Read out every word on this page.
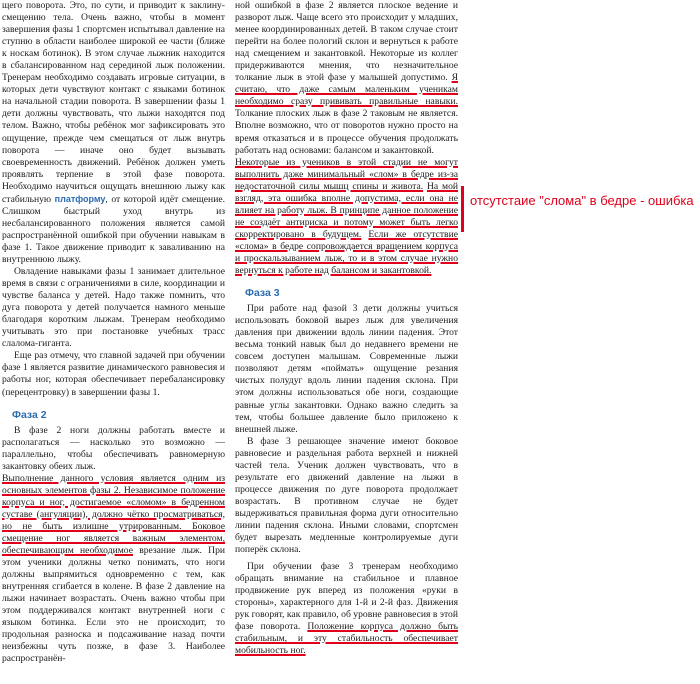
щего поворота. Это, по сути, и приводит к заклину-смещению тела. Очень важно, чтобы в момент завершения фазы 1 спортсмен испытывал давление на ступню в области наиболее широкой ее части (ближе к носкам ботинок). В этом случае лыжник находится в сбалансированном над серединой лыж положении. Тренерам необходимо создавать игровые ситуации, в которых дети чувствуют контакт с языками ботинок на начальной стадии поворота. В завершении фазы 1 дети должны чувствовать, что лыжи находятся под телом. Важно, чтобы ребёнок мог зафиксировать это ощущение, прежде чем смещаться от лыж внутрь поворота — иначе оно будет вызывать своевременность движений. Ребёнок должен уметь проявлять терпение в этой фазе поворота. Необходимо научиться ощущать внешнюю лыжу как стабильную платформу, от которой идёт смещение. Слишком быстрый уход внутрь из несбалансированного положения является самой распространённой ошибкой при обучении навыкам в фазе 1. Такое движение приводит к заваливанию на внутреннюю лыжу.

Овладение навыками фазы 1 занимает длительное время в связи с ограничениями в силе, координации и чувстве баланса у детей. Надо также помнить, что дуга поворота у детей получается намного меньше благодаря коротким лыжам. Тренерам необходимо учитывать это при постановке учебных трасс слалома-гиганта.

Еще раз отмечу, что главной задачей при обучении фазе 1 является развитие динамического равновесия и работы ног, которая обеспечивает перебалансировку (перецентровку) в завершении фазы 1.

Фаза 2

В фазе 2 ноги должны работать вместе и располагаться — насколько это возможно — параллельно, чтобы обеспечивать равномерную закантовку обеих лыж.

Выполнение данного условия является одним из основных элементов фазы 2. Независимое положение корпуса и ног, достигаемое «сломом» в бедренном суставе (ангуляции), должно чётко просматриваться, но не быть излишне утрированным. Боковое смещение ног является важным элементом, обеспечивающим необходимое врезание лыж. При этом ученики должны четко понимать, что ноги должны выпрямиться одновременно с тем, как внутренняя сгибается в колене. В фазе 2 давление на лыжи начинает возрастать. Очень важно чтобы при этом поддерживался контакт внутренней ноги с языком ботинка. Если это не происходит, то продольная разноска и подсаживание назад почти неизбежны чуть позже, в фазе 3. Наиболее распространён-

ной ошибкой в фазе 2 является плоское ведение и разворот лыж. Чаще всего это происходит у младших, менее координированных детей. В таком случае стоит перейти на более пологий склон и вернуться к работе над смещением и закантовкой. Некоторые из коллег придерживаются мнения, что незначительное толкание лыж в этой фазе у малышей допустимо. Я считаю, что даже самым маленьким ученикам необходимо сразу прививать правильные навыки. Толкание плоских лыж в фазе 2 таковым не является. Вполне возможно, что от поворотов нужно просто на время отказаться и в процессе обучения продолжать работать над основами: балансом и закантовкой.

Некоторые из учеников в этой стадии не могут выполнить даже минимальный «слом» в бедре из-за недостаточной силы мышц спины и живота. На мой взгляд, эта ошибка вполне допустима, если она не влияет на работу лыж. В принципе данное положение не создаёт антириска и потому может быть легко скорректировано в будущем. Если же отсутствие «слома» в бедре сопровождается вращением корпуса и проскальзыванием лыж, то и в этом случае нужно вернуться к работе над балансом и закантовкой.

Фаза 3

При работе над фазой 3 дети должны учиться использовать боковой вырез лыж для увеличения давления при движении вдоль линии падения. Этот весьма тонкий навык был до недавнего времени не совсем доступен малышам. Современные лыжи позволяют детям «поймать» ощущение резания чистых полудуг вдоль линии падения склона. При этом должны использоваться обе ноги, создающие равные углы закантовки. Однако важно следить за тем, чтобы большее давление было приложено к внешней лыже.

В фазе 3 решающее значение имеют боковое равновесие и раздельная работа верхней и нижней частей тела. Ученик должен чувствовать, что в результате его движений давление на лыжи в процессе движения по дуге поворота продолжает возрастать. В противном случае не будет выдерживаться правильная форма дуги относительно линии падения склона. Иными словами, спортсмен будет вырезать медленные контролируемые дуги поперёк склона.

При обучении фазе 3 тренерам необходимо обращать внимание на стабильное и плавное продвижение рук вперед из положения «руки в стороны», характерного для 1-й и 2-й фаз. Движения рук говорят, как правило, об уровне равновесия в этой фазе поворота. Положение корпуса должно быть стабильным, и эту стабильность обеспечивает мобильность ног.

отсутстаие "слома" в бедре - ошибка
